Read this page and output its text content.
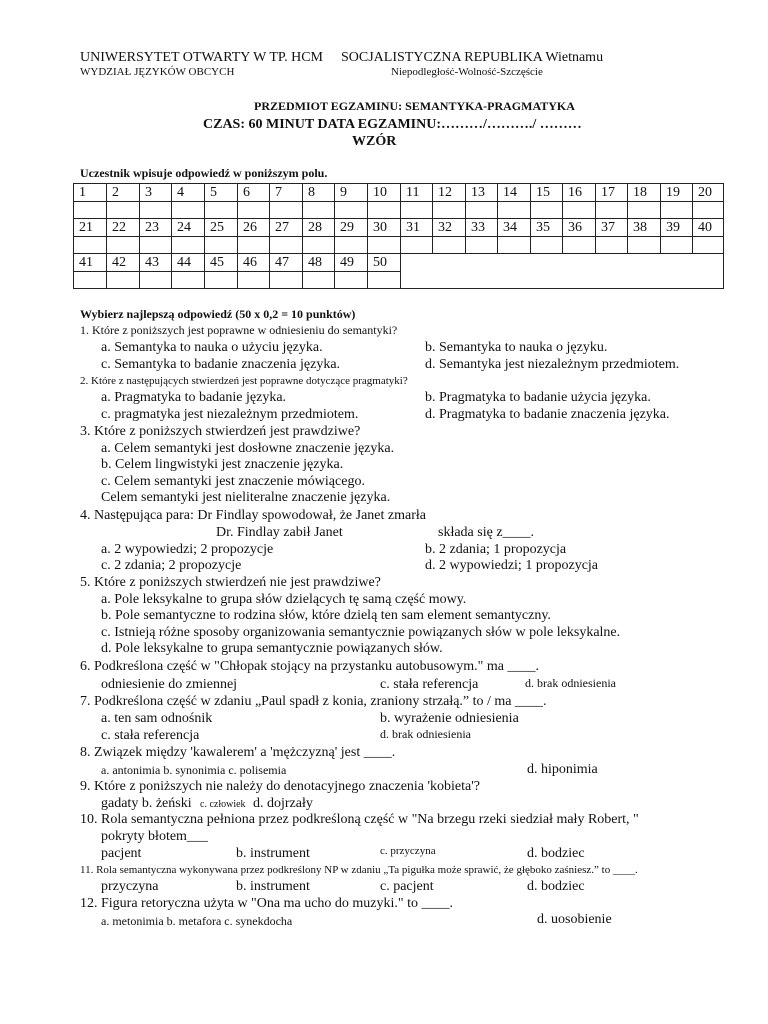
UNIWERSYTET OTWARTY W TP. HCM
WYDZIAŁ JĘZYKÓW OBCYCH
SOCJALISTYCZNA REPUBLIKA Wietnamu
Niepodległość-Wolność-Szczęście
PRZEDMIOT EGZAMINU: SEMANTYKA-PRAGMATYKA
CZAS: 60 MINUT DATA EGZAMINU:………/………./ ………
WZÓR
Uczestnik wpisuje odpowiedź w poniższym polu.
1	2	3	4	5	6	7	8	9	10	11	12	13	14	15	16	17	18	19	20

21	22	23	24	25	26	27	28	29	30	31	32	33	34	35	36	37	38	39	40

41	42	43	44	45	46	47	48	49	50										

Wybierz najlepszą odpowiedź (50 x 0,2 = 10 punktów)
1. Które z poniższych jest poprawne w odniesieniu do semantyki?
a. Semantyka to nauka o użyciu języka.	b. Semantyka to nauka o języku.
c. Semantyka to badanie znaczenia języka.	d. Semantyka jest niezależnym przedmiotem.
2. Które z następujących stwierdzeń jest poprawne dotyczące pragmatyki?
a. Pragmatyka to badanie języka.	b. Pragmatyka to badanie użycia języka.
c. pragmatyka jest niezależnym przedmiotem.	d. Pragmatyka to badanie znaczenia języka.
3. Które z poniższych stwierdzeń jest prawdziwe?
a. Celem semantyki jest dosłowne znaczenie języka.
b. Celem lingwistyki jest znaczenie języka.
c. Celem semantyki jest znaczenie mówiącego.
Celem semantyki jest nieliteralne znaczenie języka.
4. Następująca para: Dr Findlay spowodował, że Janet zmarła
Dr. Findlay zabił Janet	składa się z____.
a. 2 wypowiedzi; 2 propozycje	b. 2 zdania; 1 propozycja
c. 2 zdania; 2 propozycje	d. 2 wypowiedzi; 1 propozycja
5. Które z poniższych stwierdzeń nie jest prawdziwe?
a. Pole leksykalne to grupa słów dzielących tę samą część mowy.
b. Pole semantyczne to rodzina słów, które dzielą ten sam element semantyczny.
c. Istnieją różne sposoby organizowania semantycznie powiązanych słów w pole leksykalne.
d. Pole leksykalne to grupa semantycznie powiązanych słów.
6. Podkreślona część w "Chłopak stojący na przystanku autobusowym." ma ____.
odniesienie do zmiennej	c. stała referencja	d. brak odniesienia
7. Podkreślona część w zdaniu „Paul spadł z konia, zraniony strzałą.” to / ma ____.
a. ten sam odnośnik	b. wyrażenie odniesienia
c. stała referencja	d. brak odniesienia
8. Związek między 'kawalerem' a 'mężczyzną' jest ____.
a. antonimia b. synonimia c. polisemia	d. hiponimia
9. Które z poniższych nie należy do denotacyjnego znaczenia 'kobieta'?
gadaty b. żeński c. człowiek d. dojrzały
10. Rola semantyczna pełniona przez podkreśloną część w "Na brzegu rzeki siedział mały Robert, "
pokryty błotem___
pacjent	b. instrument	c. przyczyna	d. bodziec
11. Rola semantyczna wykonywana przez podkreślony NP w zdaniu „Ta pigułka może sprawić, że głęboko zaśniesz.” to ____.
przyczyna	b. instrument	c. pacjent	d. bodziec
12. Figura retoryczna użyta w "Ona ma ucho do muzyki." to ____.
a. metonimia b. metafora c. synekdocha	d. uosobienie
